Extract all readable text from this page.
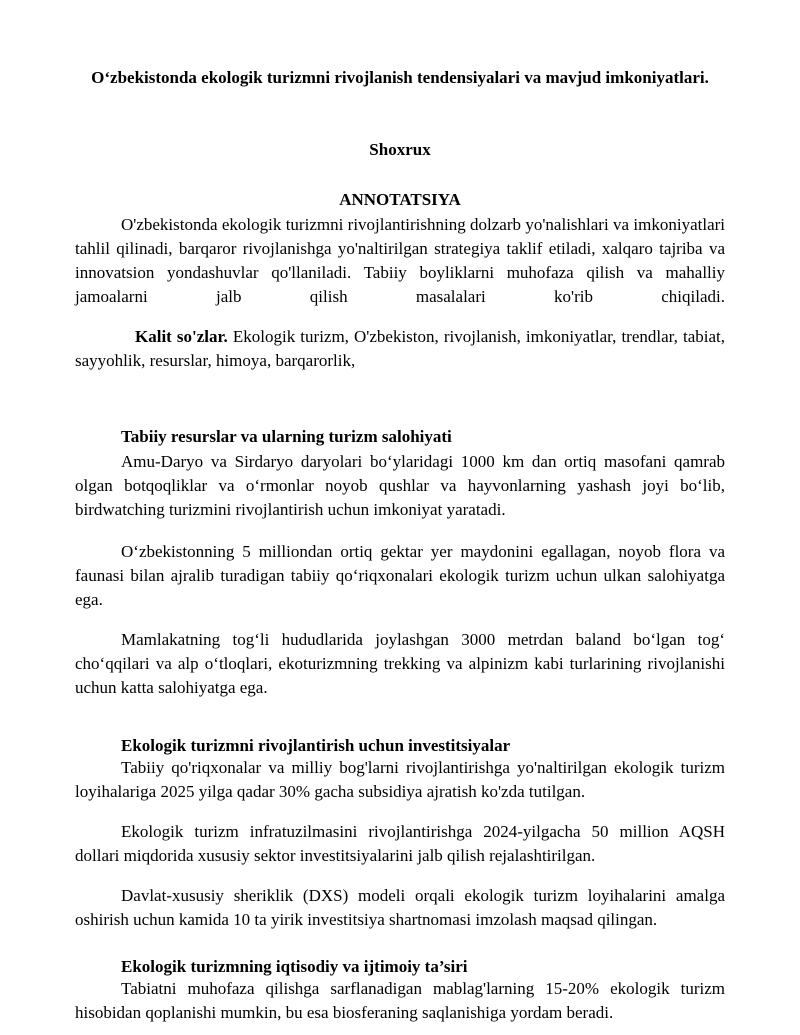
O‘zbekistonda ekologik turizmni rivojlanish tendensiyalari va mavjud imkoniyatlari.
Shoxrux
ANNOTATSIYA

O'zbekistonda ekologik turizmni rivojlantirishning dolzarb yo'nalishlari va imkoniyatlari tahlil qilinadi, barqaror rivojlanishga yo'naltirilgan strategiya taklif etiladi, xalqaro tajriba va innovatsion yondashuvlar qo'llaniladi. Tabiiy boyliklarni muhofaza qilish va mahalliy jamoalarni jalb qilish masalalari ko'rib chiqiladi.

Kalit so'zlar. Ekologik turizm, O'zbekiston, rivojlanish, imkoniyatlar, trendlar, tabiat, sayyohlik, resurslar, himoya, barqarorlik,

Tabiiy resurslar va ularning turizm salohiyati

Amu-Daryo va Sirdaryo daryolari bo‘ylaridagi 1000 km dan ortiq masofani qamrab olgan botqoqliklar va o‘rmonlar noyob qushlar va hayvonlarning yashash joyi bo‘lib, birdwatching turizmini rivojlantirish uchun imkoniyat yaratadi.

O‘zbekistonning 5 milliondan ortiq gektar yer maydonini egallagan, noyob flora va faunasi bilan ajralib turadigan tabiiy qo‘riqxonalari ekologik turizm uchun ulkan salohiyatga ega.

Mamlakatning tog‘li hududlarida joylashgan 3000 metrdan baland bo‘lgan tog‘ cho‘qqilari va alp o‘tloqlari, ekoturizmning trekking va alpinizm kabi turlarining rivojlanishi uchun katta salohiyatga ega.

Ekologik turizmni rivojlantirish uchun investitsiyalar

Tabiiy qo'riqxonalar va milliy bog'larni rivojlantirishga yo'naltirilgan ekologik turizm loyihalariga 2025 yilga qadar 30% gacha subsidiya ajratish ko'zda tutilgan.

Ekologik turizm infratuzilmasini rivojlantirishga 2024-yilgacha 50 million AQSH dollari miqdorida xususiy sektor investitsiyalarini jalb qilish rejalashtirilgan.

Davlat-xususiy sheriklik (DXS) modeli orqali ekologik turizm loyihalarini amalga oshirish uchun kamida 10 ta yirik investitsiya shartnomasi imzolash maqsad qilingan.

Ekologik turizmning iqtisodiy va ijtimoiy ta’siri

Tabiatni muhofaza qilishga sarflanadigan mablag'larning 15-20% ekologik turizm hisobidan qoplanishi mumkin, bu esa biosferaning saqlanishiga yordam beradi.
